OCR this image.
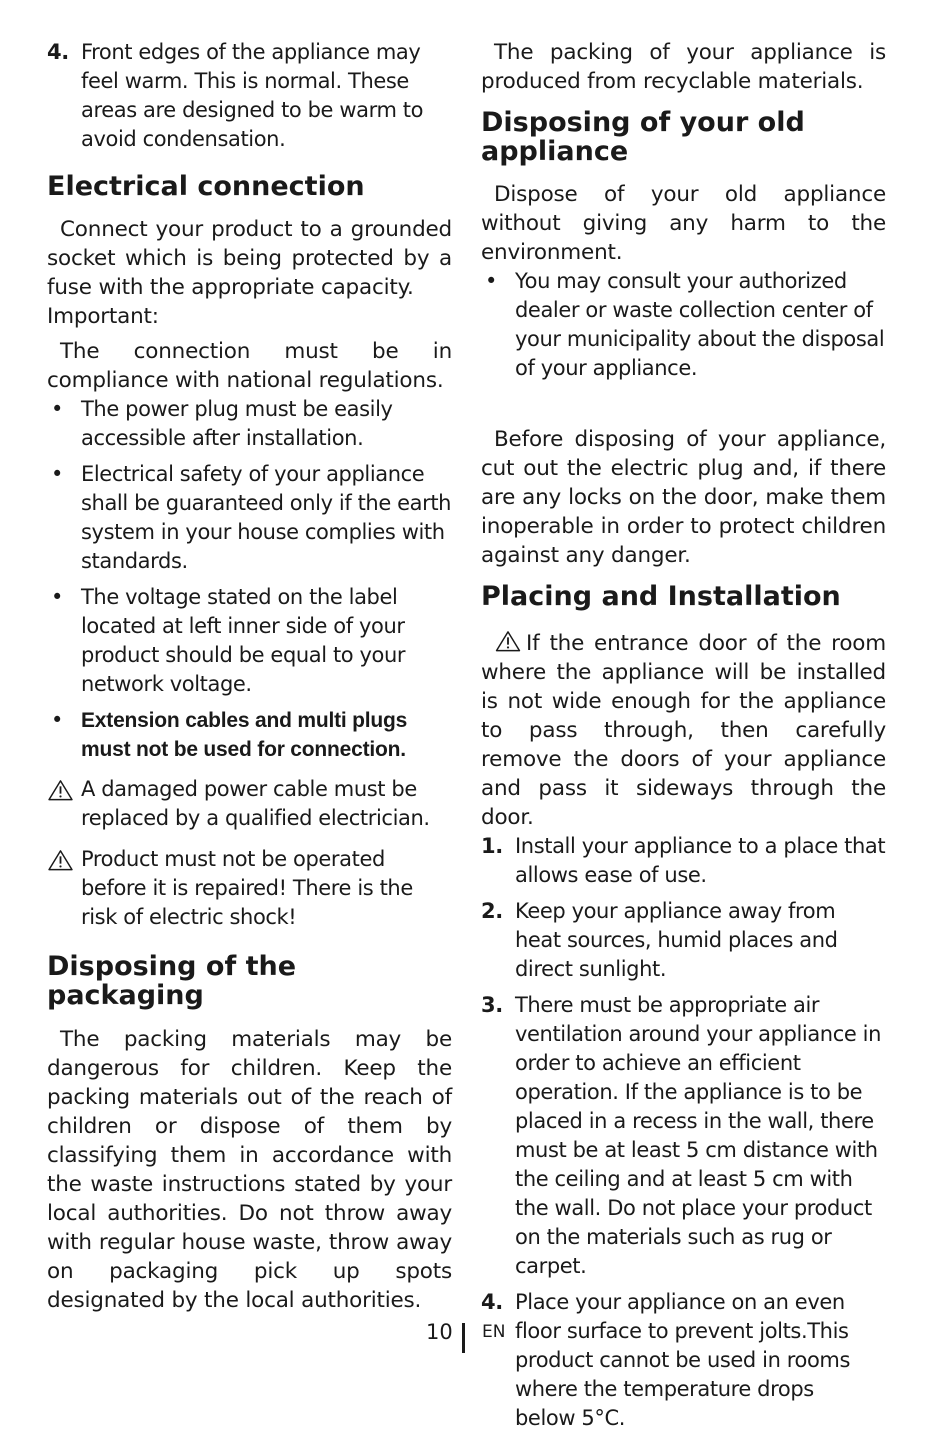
4. Front edges of the appliance may feel warm. This is normal. These areas are designed to be warm to avoid condensation.
Electrical connection

Connect your product to a grounded socket which is being protected by a fuse with the appropriate capacity.

Important:

The connection must be in compliance with national regulations.

• The power plug must be easily accessible after installation.
• Electrical safety of your appliance shall be guaranteed only if the earth system in your house complies with standards.
• The voltage stated on the label located at left inner side of your product should be equal to your network voltage.
• Extension cables and multi plugs must not be used for connection.
A damaged power cable must be replaced by a qualified electrician.
Product must not be operated before it is repaired! There is the risk of electric shock!
Disposing of the packaging

The packing materials may be dangerous for children. Keep the packing materials out of the reach of children or dispose of them by classifying them in accordance with the waste instructions stated by your local authorities. Do not throw away with regular house waste, throw away on packaging pick up spots designated by the local authorities.

The packing of your appliance is produced from recyclable materials.

Disposing of your old appliance

Dispose of your old appliance without giving any harm to the environment.

• You may consult your authorized dealer or waste collection center of your municipality about the disposal of your appliance.

Before disposing of your appliance, cut out the electric plug and, if there are any locks on the door, make them inoperable in order to protect children against any danger.

Placing and Installation

If the entrance door of the room where the appliance will be installed is not wide enough for the appliance to pass through, then carefully remove the doors of your appliance and pass it sideways through the door.

1. Install your appliance to a place that allows ease of use.
2. Keep your appliance away from heat sources, humid places and direct sunlight.
3. There must be appropriate air ventilation around your appliance in order to achieve an efficient operation. If the appliance is to be placed in a recess in the wall, there must be at least 5 cm distance with the ceiling and at least 5 cm with the wall. Do not place your product on the materials such as rug or carpet.
4. Place your appliance on an even floor surface to prevent jolts.This product cannot be used in rooms where the temperature drops below 5°C.
10 EN
